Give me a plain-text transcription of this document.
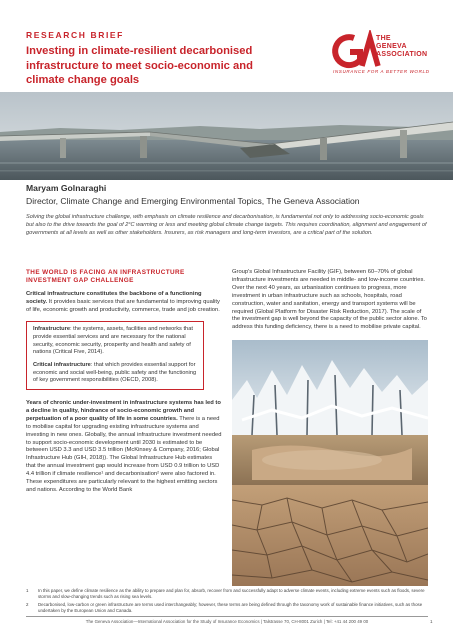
RESEARCH BRIEF
Investing in climate-resilient decarbonised infrastructure to meet socio-economic and climate change goals
THE
GENEVA
ASSOCIATION
INSURANCE FOR A BETTER WORLD
Maryam Golnaraghi
Director, Climate Change and Emerging Environmental Topics, The Geneva Association
Solving the global infrastructure challenge, with emphasis on climate resilience and decarbonisation, is fundamental not only to addressing socio-economic goals but also to the drive towards the goal of 2°C warming or less and meeting global climate change targets. This requires coordination, alignment and engagement of governments at all levels as well as other stakeholders. Insurers, as risk managers and long-term investors, are a critical part of the solution.
THE WORLD IS FACING AN INFRASTRUCTURE INVESTMENT GAP CHALLENGE
Critical infrastructure constitutes the backbone of a functioning society. It provides basic services that are fundamental to improving quality of life, economic growth and productivity, commerce, trade and job creation.

Infrastructure: the systems, assets, facilities and networks that provide essential services and are necessary for the national security, economic security, prosperity and health and safety of nations (Critical Five, 2014).

Critical infrastructure: that which provides essential support for economic and social well-being, public safety and the functioning of key government responsibilities (OECD, 2008).

Years of chronic under-investment in infrastructure systems has led to a decline in quality, hindrance of socio-economic growth and perpetuation of a poor quality of life in some countries. There is a need to mobilise capital for upgrading existing infrastructure systems and investing in new ones. Globally, the annual infrastructure investment needed to support socio-economic development until 2030 is estimated to be between USD 3.3 and USD 3.5 trillion (McKinsey & Company, 2016; Global Infrastructure Hub (GIH, 2018)). The Global Infrastructure Hub estimates that the annual investment gap would increase from USD 0.9 trillion to USD 4.4 trillion if climate resilience¹ and decarbonisation² were also factored in. These expenditures are particularly relevant to the highest emitting sectors and nations. According to the World Bank
Group's Global Infrastructure Facility (GIF), between 60–70% of global infrastructure investments are needed in middle- and low-income countries. Over the next 40 years, as urbanisation continues to progress, more investment in urban infrastructure such as schools, hospitals, road construction, water and sanitation, energy and transport systems will be required (Global Platform for Disaster Risk Reduction, 2017). The scale of the investment gap is well beyond the capacity of the public sector alone. To address this funding deficiency, there is a need to mobilise private capital.
1	In this paper, we define climate resilience as the ability to prepare and plan for, absorb, recover from and successfully adapt to adverse climate events, including extreme events such as floods, severe storms and slow-changing trends such as rising sea levels.
2	Decarbonised, low-carbon or green infrastructure are terms used interchangeably; however, these terms are being defined through the taxonomy work of sustainable finance initiatives, such as those undertaken by the European Union and Canada.
The Geneva Association—International Association for the Study of Insurance Economics | Talstrasse 70, CH-8001 Zurich | Tel: +41 44 200 49 00	1
